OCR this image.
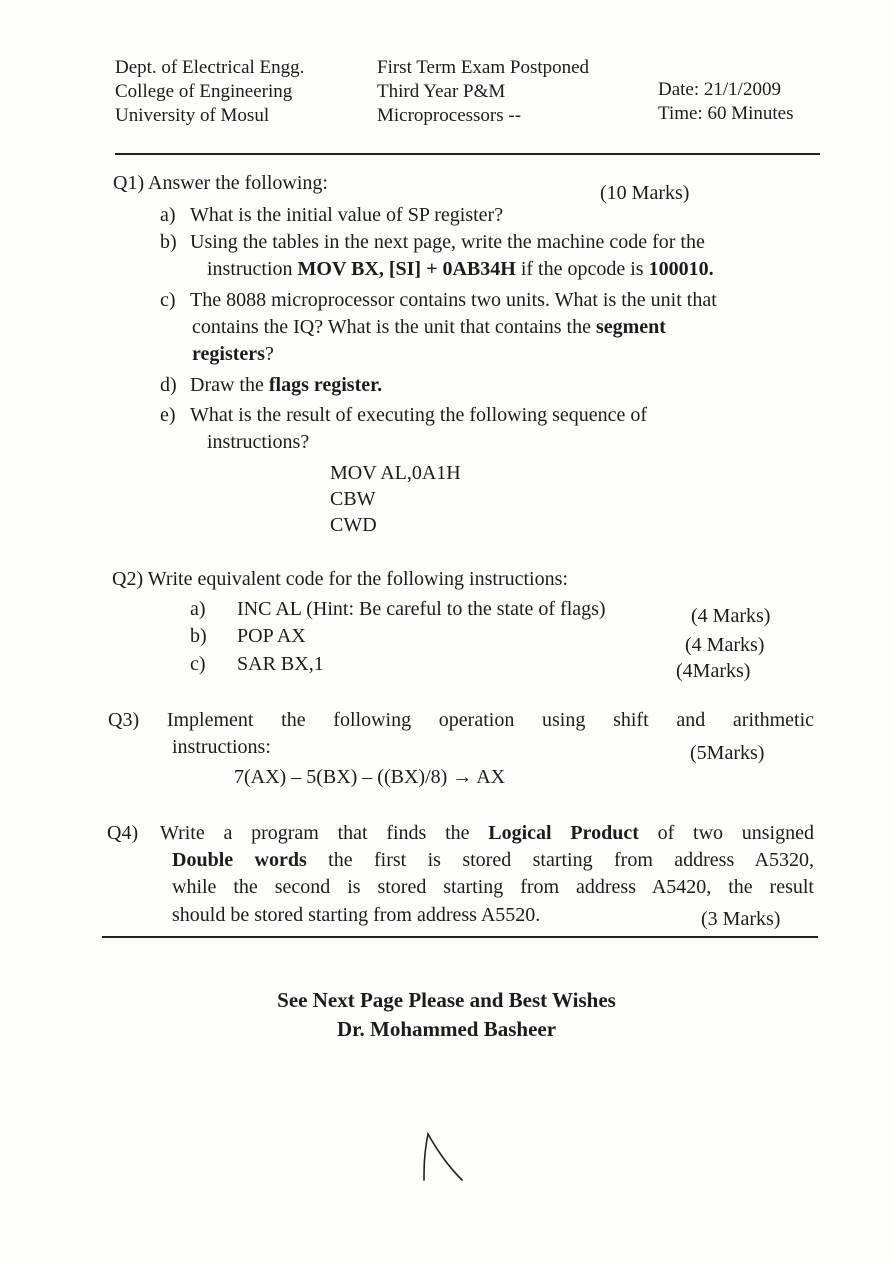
Dept. of Electrical Engg.
College of Engineering
University of Mosul
First Term Exam Postponed
Third Year P&M
Microprocessors --
Date: 21/1/2009
Time: 60 Minutes
Q1) Answer the following:	(10 Marks)
a) What is the initial value of SP register?
b) Using the tables in the next page, write the machine code for the
instruction MOV BX, [SI] + 0AB34H if the opcode is 100010.
c) The 8088 microprocessor contains two units. What is the unit that
contains the IQ? What is the unit that contains the segment
registers?
d) Draw the flags register.
e) What is the result of executing the following sequence of
instructions?
MOV AL,0A1H
CBW
CWD
Q2) Write equivalent code for the following instructions:
a) INC AL (Hint: Be careful to the state of flags)	(4 Marks)
b) POP AX	(4 Marks)
c) SAR BX,1	(4Marks)
Q3) Implement the following operation using shift and arithmetic
instructions:	(5Marks)
7(AX) – 5(BX) – ((BX)/8) → AX
Q4) Write a program that finds the Logical Product of two unsigned
Double words the first is stored starting from address A5320,
while the second is stored starting from address A5420, the result
should be stored starting from address A5520.	(3 Marks)
See Next Page Please and Best Wishes
Dr. Mohammed Basheer
